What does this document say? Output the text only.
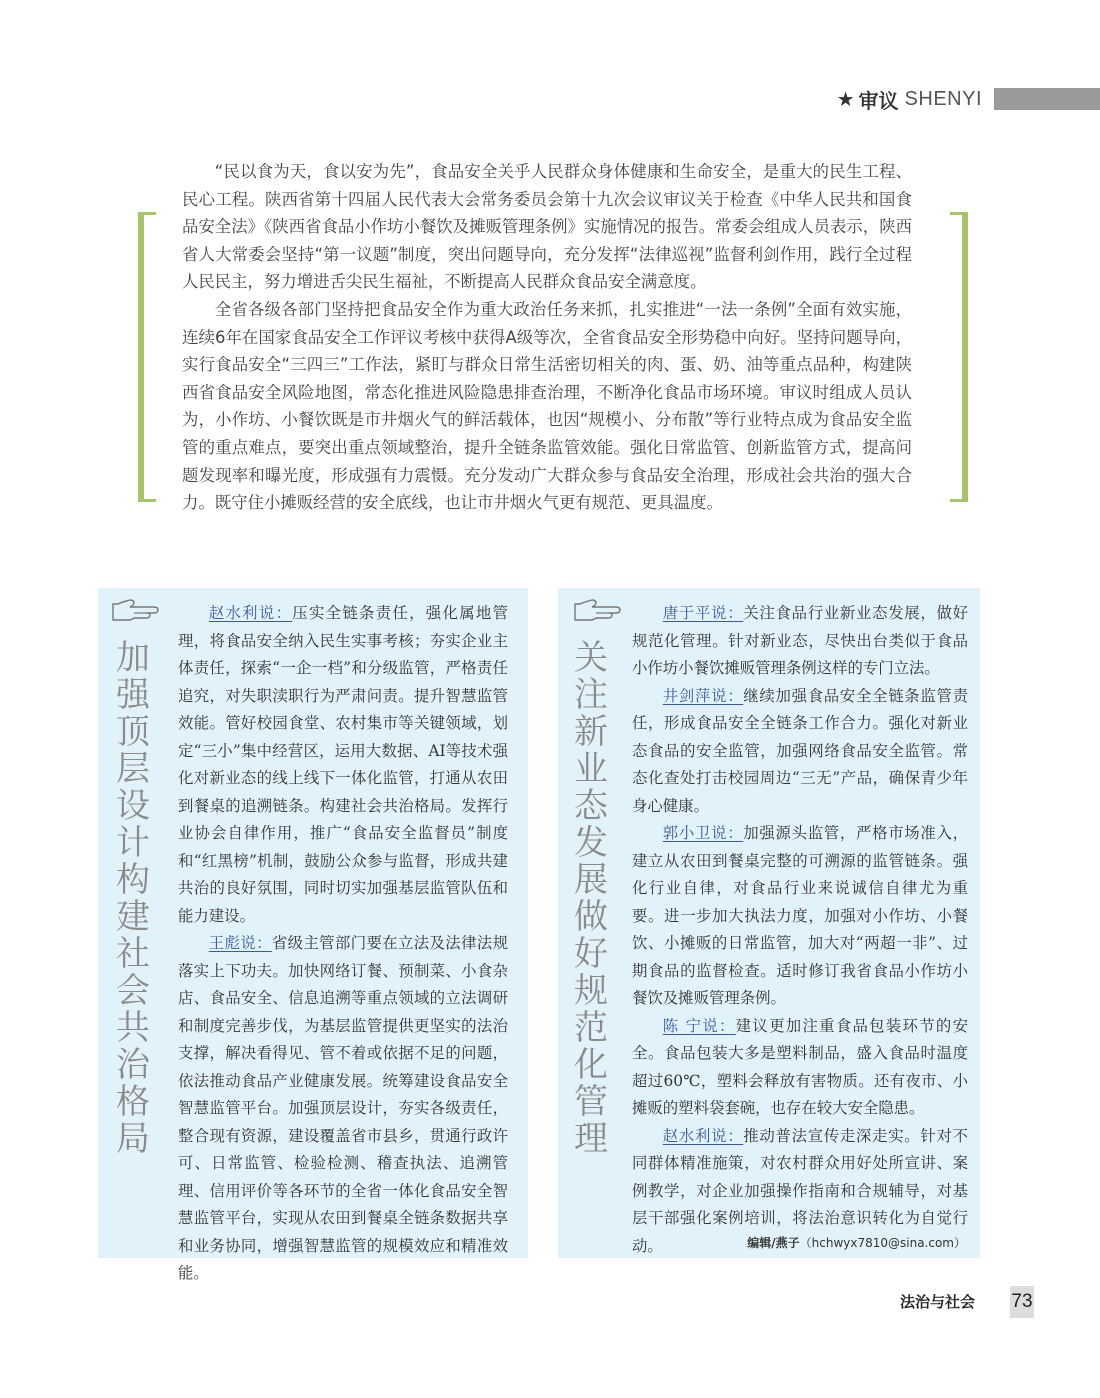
★ 审议 SHENYI

“民以食为天，食以安为先”，食品安全关乎人民群众身体健康和生命安全，是重大的民生工程、民心工程。陕西省第十四届人民代表大会常务委员会第十九次会议审议关于检查《中华人民共和国食品安全法》《陕西省食品小作坊小餐饮及摊贩管理条例》实施情况的报告。常委会组成人员表示，陕西省人大常委会坚持“第一议题”制度，突出问题导向，充分发挥“法律巡视”监督利剑作用，践行全过程人民民主，努力增进舌尖民生福祉，不断提高人民群众食品安全满意度。

全省各级各部门坚持把食品安全作为重大政治任务来抓，扎实推进“一法一条例”全面有效实施，连续6年在国家食品安全工作评议考核中获得A级等次，全省食品安全形势稳中向好。坚持问题导向，实行食品安全“三四三”工作法，紧盯与群众日常生活密切相关的肉、蛋、奶、油等重点品种，构建陕西省食品安全风险地图，常态化推进风险隐患排查治理，不断净化食品市场环境。审议时组成人员认为，小作坊、小餐饮既是市井烟火气的鲜活载体，也因“规模小、分布散”等行业特点成为食品安全监管的重点难点，要突出重点领域整治，提升全链条监管效能。强化日常监管、创新监管方式，提高问题发现率和曝光度，形成强有力震慑。充分发动广大群众参与食品安全治理，形成社会共治的强大合力。既守住小摊贩经营的安全底线，也让市井烟火气更有规范、更具温度。

加
强
顶
层
设
计
构
建
社
会
共
治
格
局

赵水利说：压实全链条责任，强化属地管理，将食品安全纳入民生实事考核；夯实企业主体责任，探索“一企一档”和分级监管，严格责任追究，对失职渎职行为严肃问责。提升智慧监管效能。管好校园食堂、农村集市等关键领域，划定“三小”集中经营区，运用大数据、AI等技术强化对新业态的线上线下一体化监管，打通从农田到餐桌的追溯链条。构建社会共治格局。发挥行业协会自律作用，推广“食品安全监督员”制度和“红黑榜”机制，鼓励公众参与监督，形成共建共治的良好氛围，同时切实加强基层监管队伍和能力建设。

王彪说：省级主管部门要在立法及法律法规落实上下功夫。加快网络订餐、预制菜、小食杂店、食品安全、信息追溯等重点领域的立法调研和制度完善步伐，为基层监管提供更坚实的法治支撑，解决看得见、管不着或依据不足的问题，依法推动食品产业健康发展。统筹建设食品安全智慧监管平台。加强顶层设计，夯实各级责任，整合现有资源，建设覆盖省市县乡，贯通行政许可、日常监管、检验检测、稽查执法、追溯管理、信用评价等各环节的全省一体化食品安全智慧监管平台，实现从农田到餐桌全链条数据共享和业务协同，增强智慧监管的规模效应和精准效能。

关
注
新
业
态
发
展
做
好
规
范
化
管
理

唐于平说：关注食品行业新业态发展，做好规范化管理。针对新业态，尽快出台类似于食品小作坊小餐饮摊贩管理条例这样的专门立法。

井剑萍说：继续加强食品安全全链条监管责任，形成食品安全全链条工作合力。强化对新业态食品的安全监管，加强网络食品安全监管。常态化查处打击校园周边“三无”产品，确保青少年身心健康。

郭小卫说：加强源头监管，严格市场准入，建立从农田到餐桌完整的可溯源的监管链条。强化行业自律，对食品行业来说诚信自律尤为重要。进一步加大执法力度，加强对小作坊、小餐饮、小摊贩的日常监管，加大对“两超一非”、过期食品的监督检查。适时修订我省食品小作坊小餐饮及摊贩管理条例。

陈 宁说：建议更加注重食品包装环节的安全。食品包装大多是塑料制品，盛入食品时温度超过60℃，塑料会释放有害物质。还有夜市、小摊贩的塑料袋套碗，也存在较大安全隐患。

赵水利说：推动普法宣传走深走实。针对不同群体精准施策，对农村群众用好处所宣讲、案例教学，对企业加强操作指南和合规辅导，对基层干部强化案例培训，将法治意识转化为自觉行动。	编辑/燕子（hchwyx7810@sina.com）
法治与社会 73
